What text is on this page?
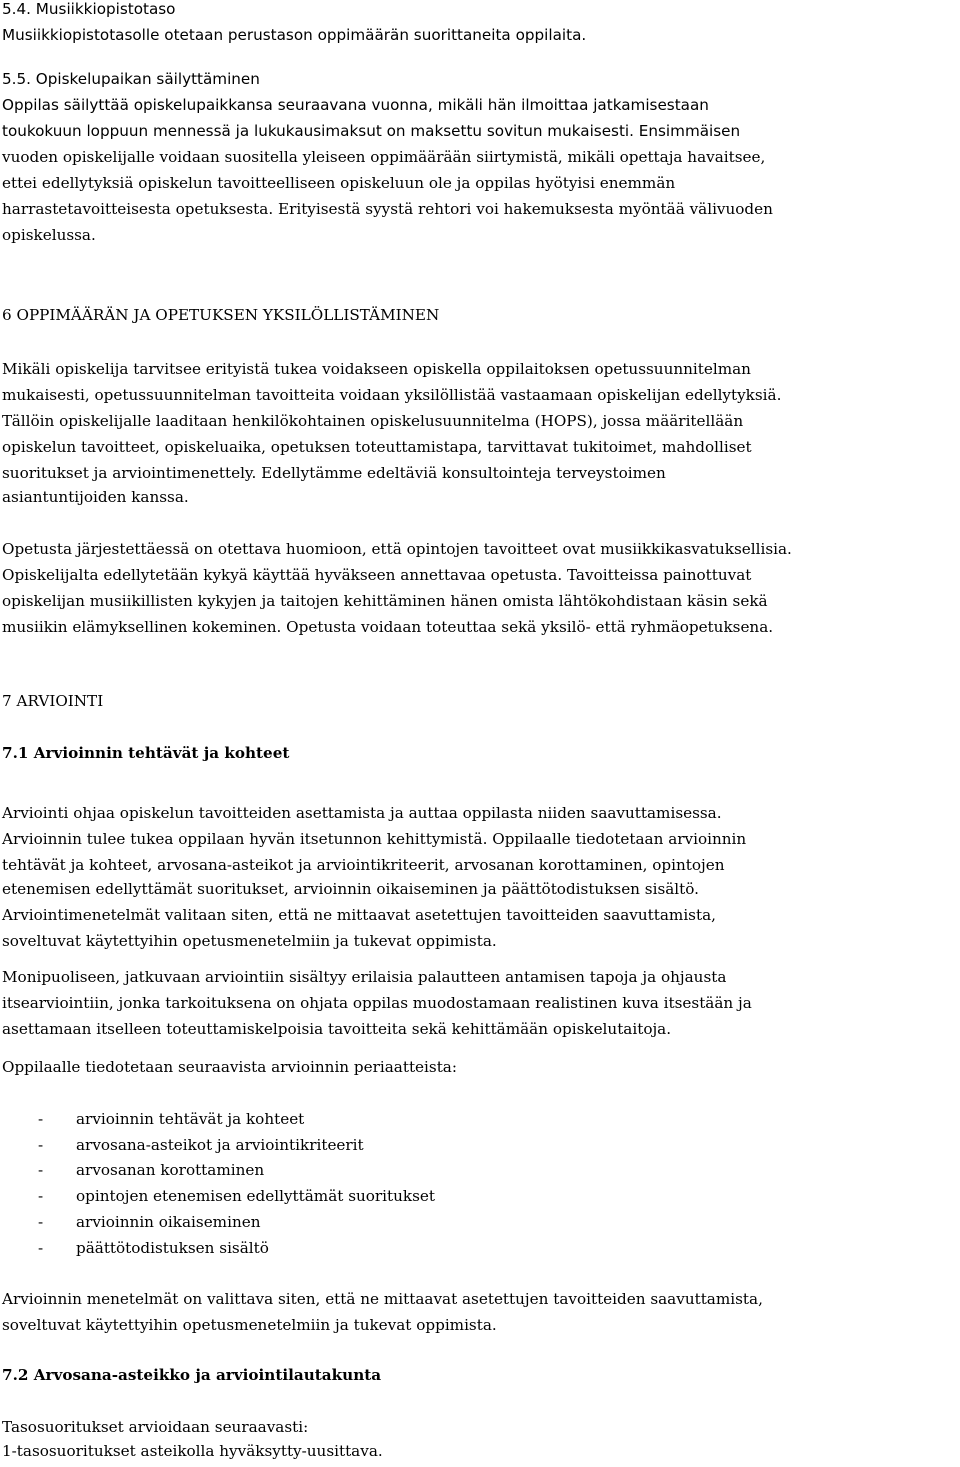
5.4. Musiikkiopistotaso

Musiikkiopistotasolle otetaan perustason oppimäärän suorittaneita oppilaita.

5.5. Opiskelupaikan säilyttäminen

Oppilas säilyttää opiskelupaikkansa seuraavana vuonna, mikäli hän ilmoittaa jatkamisestaan

toukokuun loppuun mennessä ja lukukausimaksut on maksettu sovitun mukaisesti. Ensimmäisen

vuoden opiskelijalle voidaan suositella yleiseen oppimäärään siirtymistä, mikäli opettaja havaitsee,

ettei edellytyksiä opiskelun tavoitteelliseen opiskeluun ole ja oppilas hyötyisi enemmän

harrastetavoitteisesta opetuksesta. Erityisestä syystä rehtori voi hakemuksesta myöntää välivuoden

opiskelussa.

6 OPPIMÄÄRÄN JA OPETUKSEN YKSILÖLLISTÄMINEN

Mikäli opiskelija tarvitsee erityistä tukea voidakseen opiskella oppilaitoksen opetussuunnitelman

mukaisesti, opetussuunnitelman tavoitteita voidaan yksilöllistää vastaamaan opiskelijan edellytyksiä.

Tällöin opiskelijalle laaditaan henkilökohtainen opiskelusuunnitelma (HOPS), jossa määritellään

opiskelun tavoitteet, opiskeluaika, opetuksen toteuttamistapa, tarvittavat tukitoimet, mahdolliset

suoritukset ja arviointimenettely. Edellytämme edeltäviä konsultointeja terveystoimen

asiantuntijoiden kanssa.

Opetusta järjestettäessä on otettava huomioon, että opintojen tavoitteet ovat musiikkikasvatuksellisia.

Opiskelijalta edellytetään kykyä käyttää hyväkseen annettavaa opetusta. Tavoitteissa painottuvat

opiskelijan musiikillisten kykyjen ja taitojen kehittäminen hänen omista lähtökohdistaan käsin sekä

musiikin elämyksellinen kokeminen. Opetusta voidaan toteuttaa sekä yksilö- että ryhmäopetuksena.

7 ARVIOINTI

7.1 Arvioinnin tehtävät ja kohteet

Arviointi ohjaa opiskelun tavoitteiden asettamista ja auttaa oppilasta niiden saavuttamisessa.

Arvioinnin tulee tukea oppilaan hyvän itsetunnon kehittymistä. Oppilaalle tiedotetaan arvioinnin

tehtävät ja kohteet, arvosana-asteikot ja arviointikriteerit, arvosanan korottaminen, opintojen

etenemisen edellyttämät suoritukset, arvioinnin oikaiseminen ja päättötodistuksen sisältö.

Arviointimenetelmät valitaan siten, että ne mittaavat asetettujen tavoitteiden saavuttamista,

soveltuvat käytettyihin opetusmenetelmiin ja tukevat oppimista.

Monipuoliseen, jatkuvaan arviointiin sisältyy erilaisia palautteen antamisen tapoja ja ohjausta

itsearviointiin, jonka tarkoituksena on ohjata oppilas muodostamaan realistinen kuva itsestään ja

asettamaan itselleen toteuttamiskelpoisia tavoitteita sekä kehittämään opiskelutaitoja.

Oppilaalle tiedotetaan seuraavista arvioinnin periaatteista:

-	arvioinnin tehtävät ja kohteet
-	arvosana-asteikot ja arviointikriteerit
-	arvosanan korottaminen
-	opintojen etenemisen edellyttämät suoritukset
-	arvioinnin oikaiseminen
-	päättötodistuksen sisältö

Arvioinnin menetelmät on valittava siten, että ne mittaavat asetettujen tavoitteiden saavuttamista,

soveltuvat käytettyihin opetusmenetelmiin ja tukevat oppimista.

7.2 Arvosana-asteikko ja arviointilautakunta

Tasosuoritukset arvioidaan seuraavasti:

1-tasosuoritukset asteikolla hyväksytty-uusittava.
